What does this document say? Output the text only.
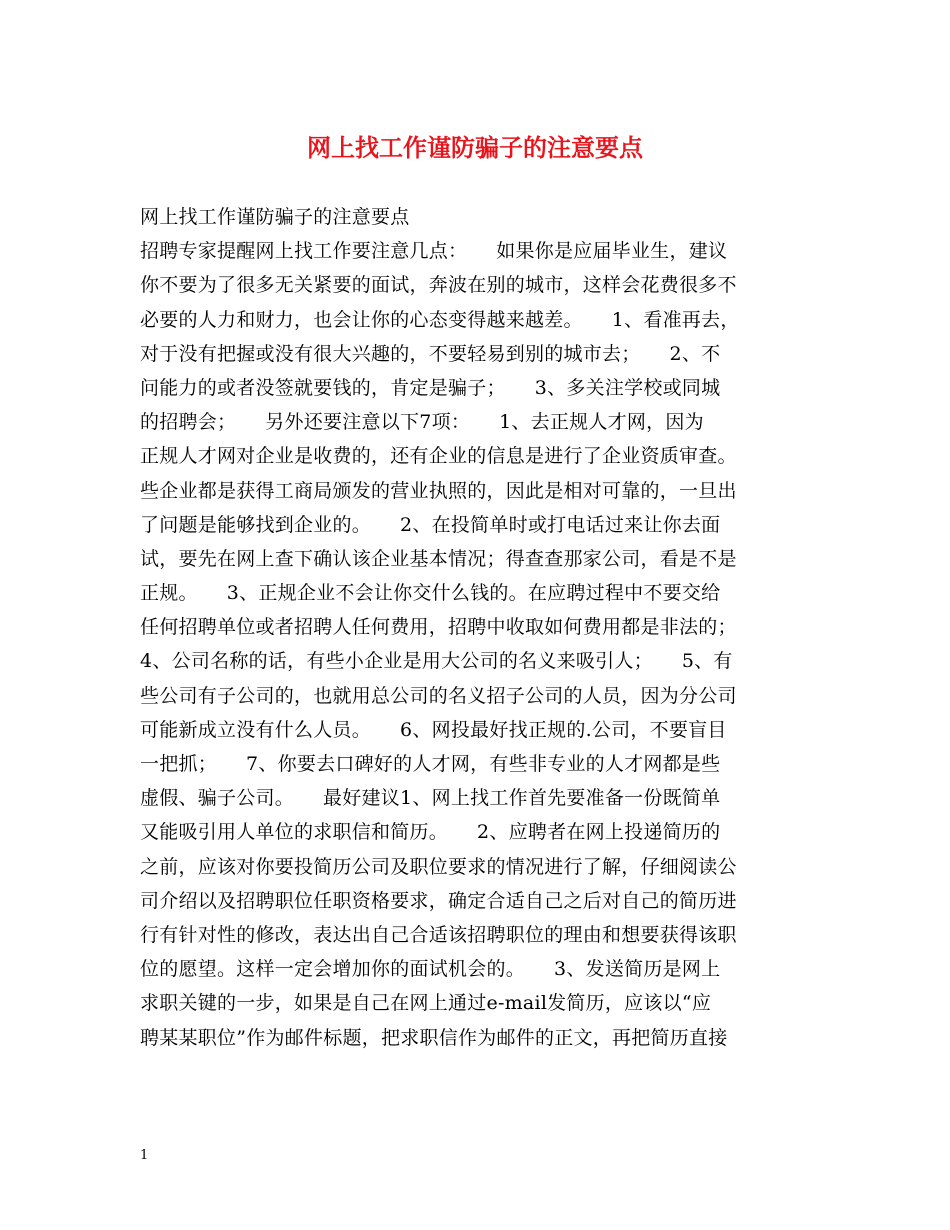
网上找工作谨防骗子的注意要点
网上找工作谨防骗子的注意要点
招聘专家提醒网上找工作要注意几点：　　如果你是应届毕业生，建议
你不要为了很多无关紧要的面试，奔波在别的城市，这样会花费很多不
必要的人力和财力，也会让你的心态变得越来越差。　　1、看准再去，
对于没有把握或没有很大兴趣的，不要轻易到别的城市去；　　2、不
问能力的或者没签就要钱的，肯定是骗子；　　3、多关注学校或同城
的招聘会；　　另外还要注意以下7项：　　1、去正规人才网，因为
正规人才网对企业是收费的，还有企业的信息是进行了企业资质审查。
些企业都是获得工商局颁发的营业执照的，因此是相对可靠的，一旦出
了问题是能够找到企业的。　　2、在投简单时或打电话过来让你去面
试，要先在网上查下确认该企业基本情况；得查查那家公司，看是不是
正规。　　3、正规企业不会让你交什么钱的。在应聘过程中不要交给
任何招聘单位或者招聘人任何费用，招聘中收取如何费用都是非法的；
4、公司名称的话，有些小企业是用大公司的名义来吸引人；　　5、有
些公司有子公司的，也就用总公司的名义招子公司的人员，因为分公司
可能新成立没有什么人员。　　6、网投最好找正规的.公司，不要盲目
一把抓；　　7、你要去口碑好的人才网，有些非专业的人才网都是些
虚假、骗子公司。　　最好建议1、网上找工作首先要准备一份既简单
又能吸引用人单位的求职信和简历。　　2、应聘者在网上投递简历的
之前，应该对你要投简历公司及职位要求的情况进行了解，仔细阅读公
司介绍以及招聘职位任职资格要求，确定合适自己之后对自己的简历进
行有针对性的修改，表达出自己合适该招聘职位的理由和想要获得该职
位的愿望。这样一定会增加你的面试机会的。　　3、发送简历是网上
求职关键的一步，如果是自己在网上通过e-mail发简历，应该以“应
聘某某职位”作为邮件标题，把求职信作为邮件的正文，再把简历直接
1
